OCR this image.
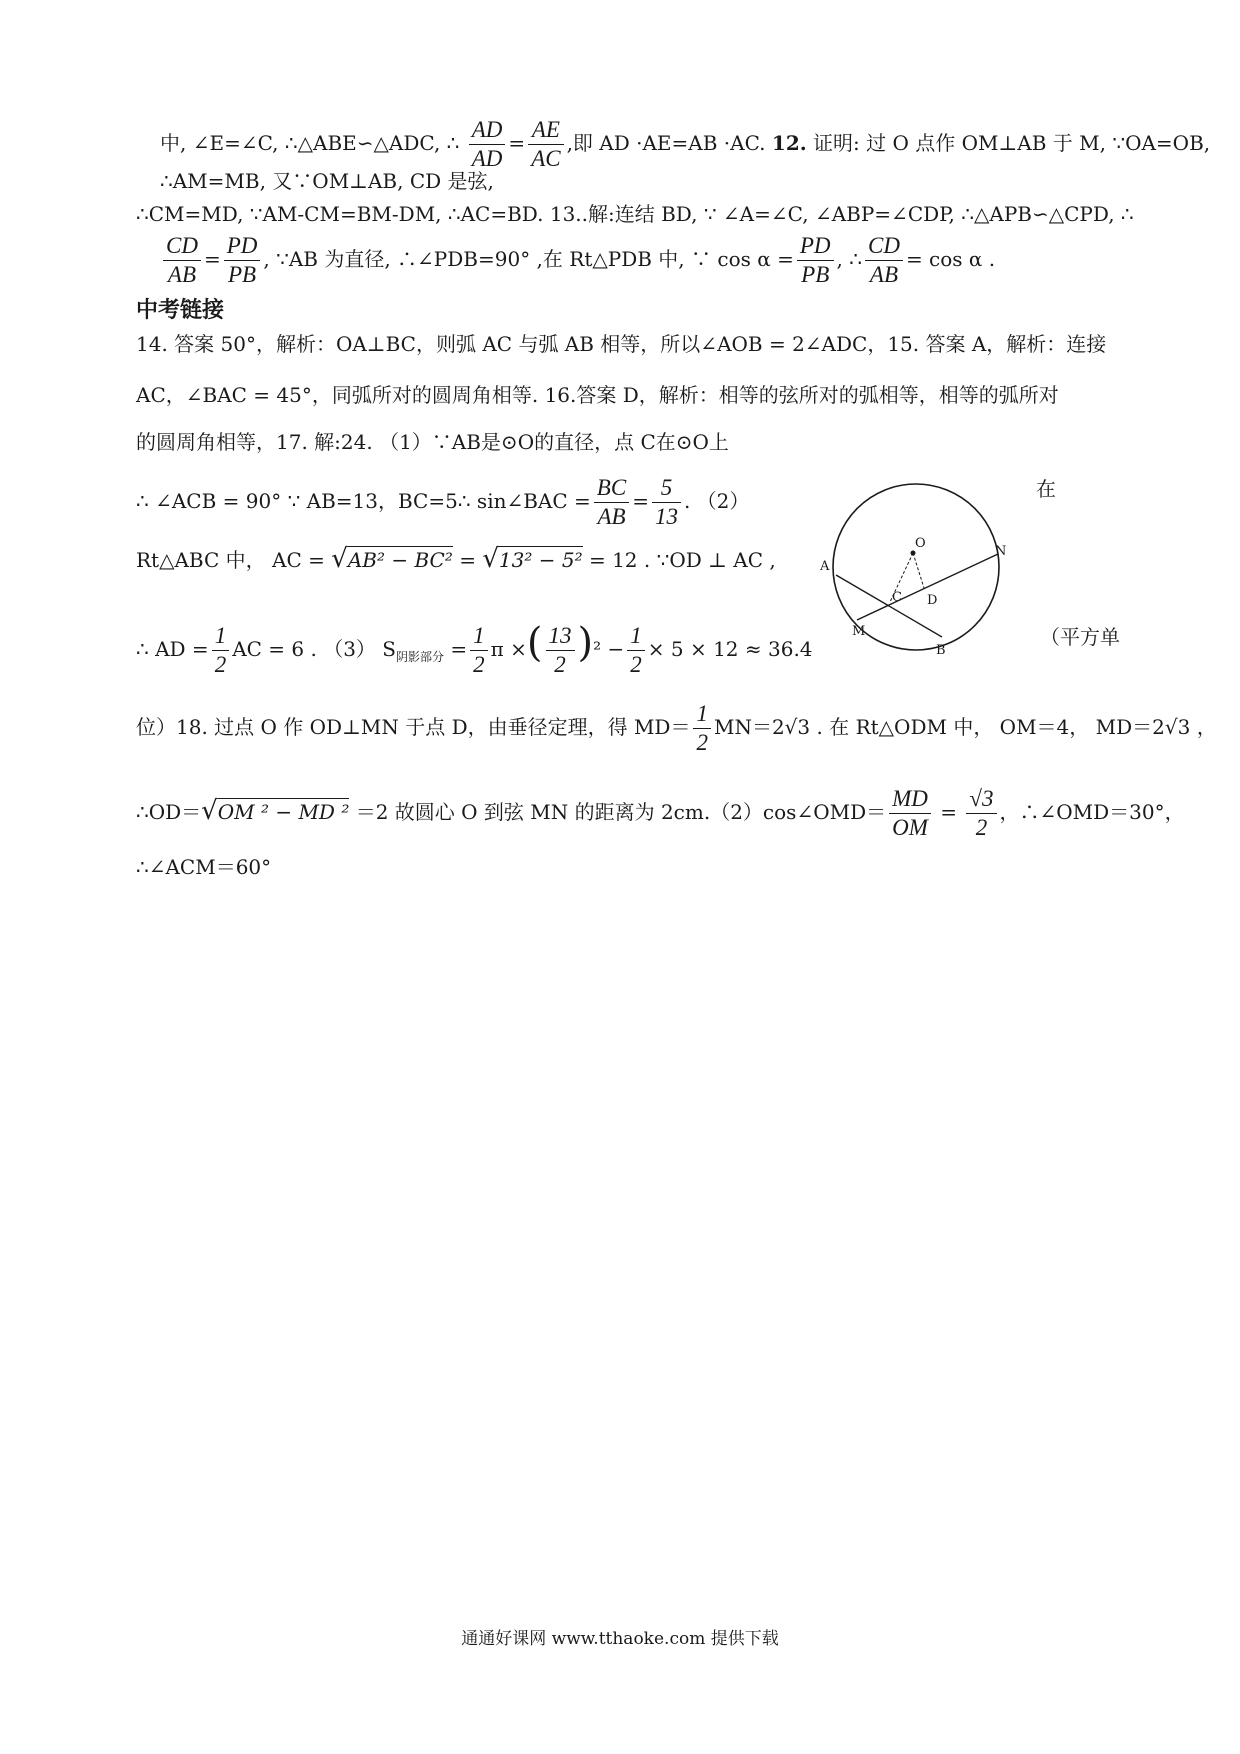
中, ∠E=∠C, ∴△ABE∽△ADC, ∴ $\frac{AD}{AD} = \frac{AE}{AC}$ ,即 AD ·AE=AB ·AC. 12. 证明: 过 O 点作 OM⊥AB 于 M, ∵OA=OB,
∴AM=MB, 又∵OM⊥AB, CD 是弦,
∴CM=MD, ∵AM-CM=BM-DM, ∴AC=BD. 13..解:连结 BD, ∵ ∠A=∠C, ∠ABP=∠CDP, ∴△APB∽△CPD, ∴
$\frac{CD}{AB} = \frac{PD}{PB}$ , ∵AB 为直径, ∴∠PDB=90° ,在 Rt△PDB 中, ∵ $\cos \alpha = \frac{PD}{PB}$ , ∴ $\frac{CD}{AB} = \cos \alpha$ .
中考链接
14. 答案 50°，解析：OA⊥BC，则弧 AC 与弧 AB 相等，所以∠AOB = 2∠ADC，15. 答案 A，解析：连接
AC，∠BAC = 45°，同弧所对的圆周角相等. 16.答案 D，解析：相等的弦所对的弧相等，相等的弧所对
的圆周角相等，17. 解:24. （1）∵AB是⊙O的直径，点 C在⊙O上
∴ ∠ACB = 90° ∵ AB=13，BC=5∴ sin∠BAC = $\frac{BC}{AB} = \frac{5}{13}$ . （2）	在
Rt△ABC 中， AC = √AB² − BC² = √13² − 5² = 12 . ∵OD ⊥ AC ,
∴ AD = $\frac{1}{2}$ AC = 6 . （3） $S_{阴影部分} = \frac{1}{2}$ π ×( $\frac{13}{2} )^2 - \frac{1}{2} \times 5 \times 12 \approx 36.4$	（平方单
位）18. 过点 O 作 OD⊥MN 于点 D，由垂径定理，得 $MD= \frac{1}{2} MN=2√3$ . 在 Rt△ODM 中， OM＝4， MD＝2√3 ，
∴OD＝√OM ² − MD ² ＝2 故圆心 O 到弦 MN 的距离为 2cm.（2）cos∠OMD＝ $\frac{MD}{OM} = \frac{√3}{2}$ ，∴∠OMD＝30°，
∴∠ACM＝60°
O
A
N
C D
M
B
通通好课网 www.tthaoke.com 提供下载
